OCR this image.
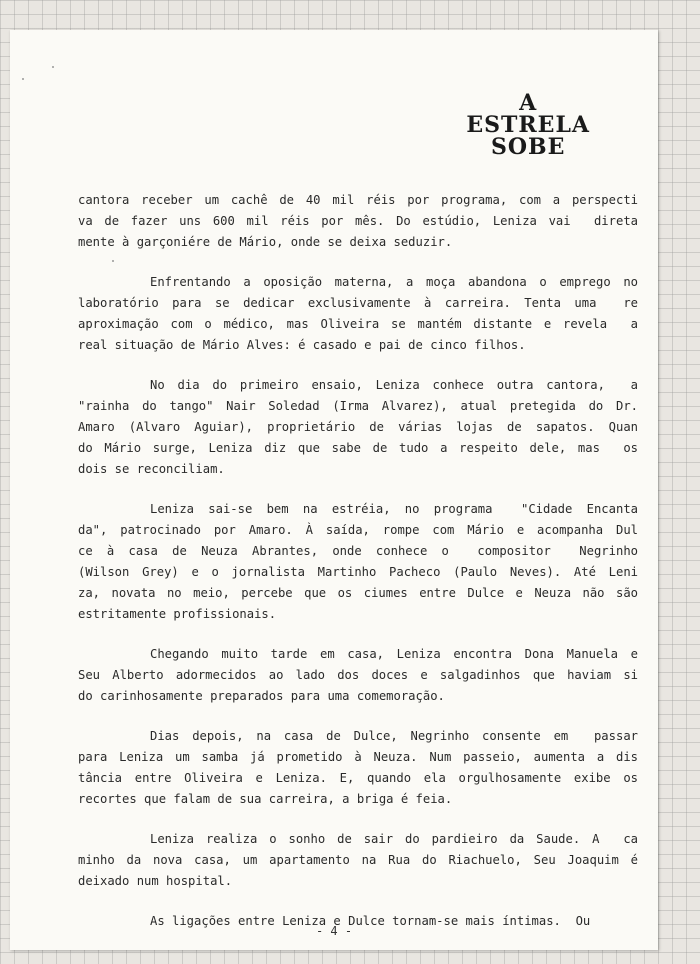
A
ESTRELA
SOBE
cantora receber um cachê de 40 mil réis por programa, com a perspecti
va de fazer uns 600 mil réis por mês. Do estúdio, Leniza vai  direta
mente à garçoniére de Mário, onde se deixa seduzir.
Enfrentando a oposição materna, a moça abandona o emprego no
laboratório para se dedicar exclusivamente à carreira. Tenta uma  re
aproximação com o médico, mas Oliveira se mantém distante e revela  a
real situação de Mário Alves: é casado e pai de cinco filhos.
No dia do primeiro ensaio, Leniza conhece outra cantora,  a
"rainha do tango" Nair Soledad (Irma Alvarez), atual pretegida do Dr.
Amaro (Alvaro Aguiar), proprietário de várias lojas de sapatos. Quan
do Mário surge, Leniza diz que sabe de tudo a respeito dele, mas  os
dois se reconciliam.
Leniza sai-se bem na estréia, no programa  "Cidade Encanta
da", patrocinado por Amaro. À saída, rompe com Mário e acompanha Dul
ce à casa de Neuza Abrantes, onde conhece o  compositor  Negrinho
(Wilson Grey) e o jornalista Martinho Pacheco (Paulo Neves). Até Leni
za, novata no meio, percebe que os ciumes entre Dulce e Neuza não são
estritamente profissionais.
Chegando muito tarde em casa, Leniza encontra Dona Manuela e
Seu Alberto adormecidos ao lado dos doces e salgadinhos que haviam si
do carinhosamente preparados para uma comemoração.
Dias depois, na casa de Dulce, Negrinho consente em  passar
para Leniza um samba já prometido à Neuza. Num passeio, aumenta a dis
tância entre Oliveira e Leniza. E, quando ela orgulhosamente exibe os
recortes que falam de sua carreira, a briga é feia.
Leniza realiza o sonho de sair do pardieiro da Saude. A  ca
minho da nova casa, um apartamento na Rua do Riachuelo, Seu Joaquim é
deixado num hospital.
As ligações entre Leniza e Dulce tornam-se mais íntimas.  Ou
- 4 -
